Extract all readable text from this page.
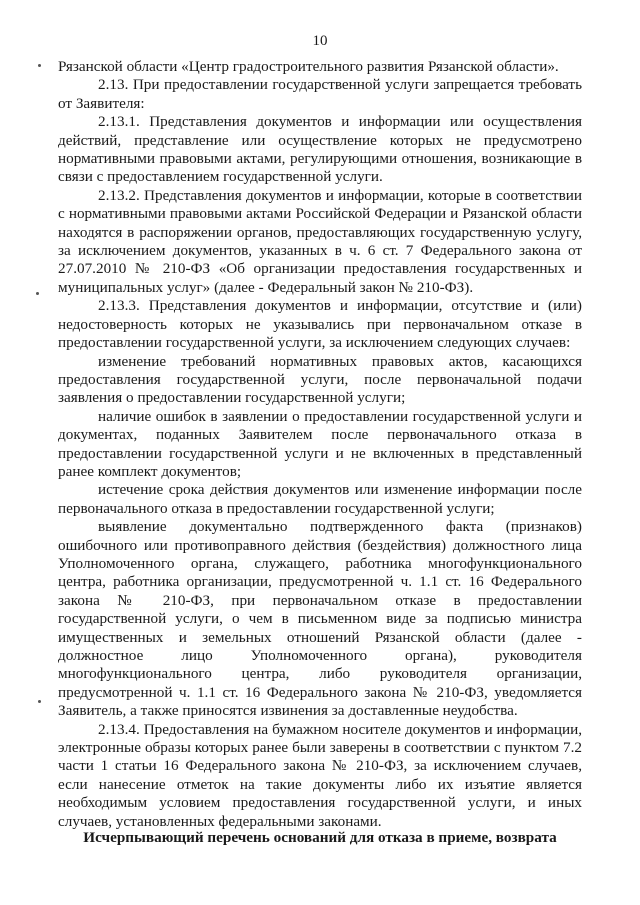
10

Рязанской области «Центр градостроительного развития Рязанской области».

2.13. При предоставлении государственной услуги запрещается требовать от Заявителя:

2.13.1. Представления документов и информации или осуществления действий, представление или осуществление которых не предусмотрено нормативными правовыми актами, регулирующими отношения, возникающие в связи с предоставлением государственной услуги.

2.13.2. Представления документов и информации, которые в соответствии с нормативными правовыми актами Российской Федерации и Рязанской области находятся в распоряжении органов, предоставляющих государственную услугу, за исключением документов, указанных в ч. 6 ст. 7 Федерального закона от 27.07.2010 № 210-ФЗ «Об организации предоставления государственных и муниципальных услуг» (далее - Федеральный закон № 210-ФЗ).

2.13.3. Представления документов и информации, отсутствие и (или) недостоверность которых не указывались при первоначальном отказе в предоставлении государственной услуги, за исключением следующих случаев:

изменение требований нормативных правовых актов, касающихся предоставления государственной услуги, после первоначальной подачи заявления о предоставлении государственной услуги;

наличие ошибок в заявлении о предоставлении государственной услуги и документах, поданных Заявителем после первоначального отказа в предоставлении государственной услуги и не включенных в представленный ранее комплект документов;

истечение срока действия документов или изменение информации после первоначального отказа в предоставлении государственной услуги;

выявление документально подтвержденного факта (признаков) ошибочного или противоправного действия (бездействия) должностного лица Уполномоченного органа, служащего, работника многофункционального центра, работника организации, предусмотренной ч. 1.1 ст. 16 Федерального закона № 210-ФЗ, при первоначальном отказе в предоставлении государственной услуги, о чем в письменном виде за подписью министра имущественных и земельных отношений Рязанской области (далее - должностное лицо Уполномоченного органа), руководителя многофункционального центра, либо руководителя организации, предусмотренной ч. 1.1 ст. 16 Федерального закона № 210-ФЗ, уведомляется Заявитель, а также приносятся извинения за доставленные неудобства.

2.13.4. Предоставления на бумажном носителе документов и информации, электронные образы которых ранее были заверены в соответствии с пунктом 7.2 части 1 статьи 16 Федерального закона № 210-ФЗ, за исключением случаев, если нанесение отметок на такие документы либо их изъятие является необходимым условием предоставления государственной услуги, и иных случаев, установленных федеральными законами.

Исчерпывающий перечень оснований для отказа в приеме, возврата
